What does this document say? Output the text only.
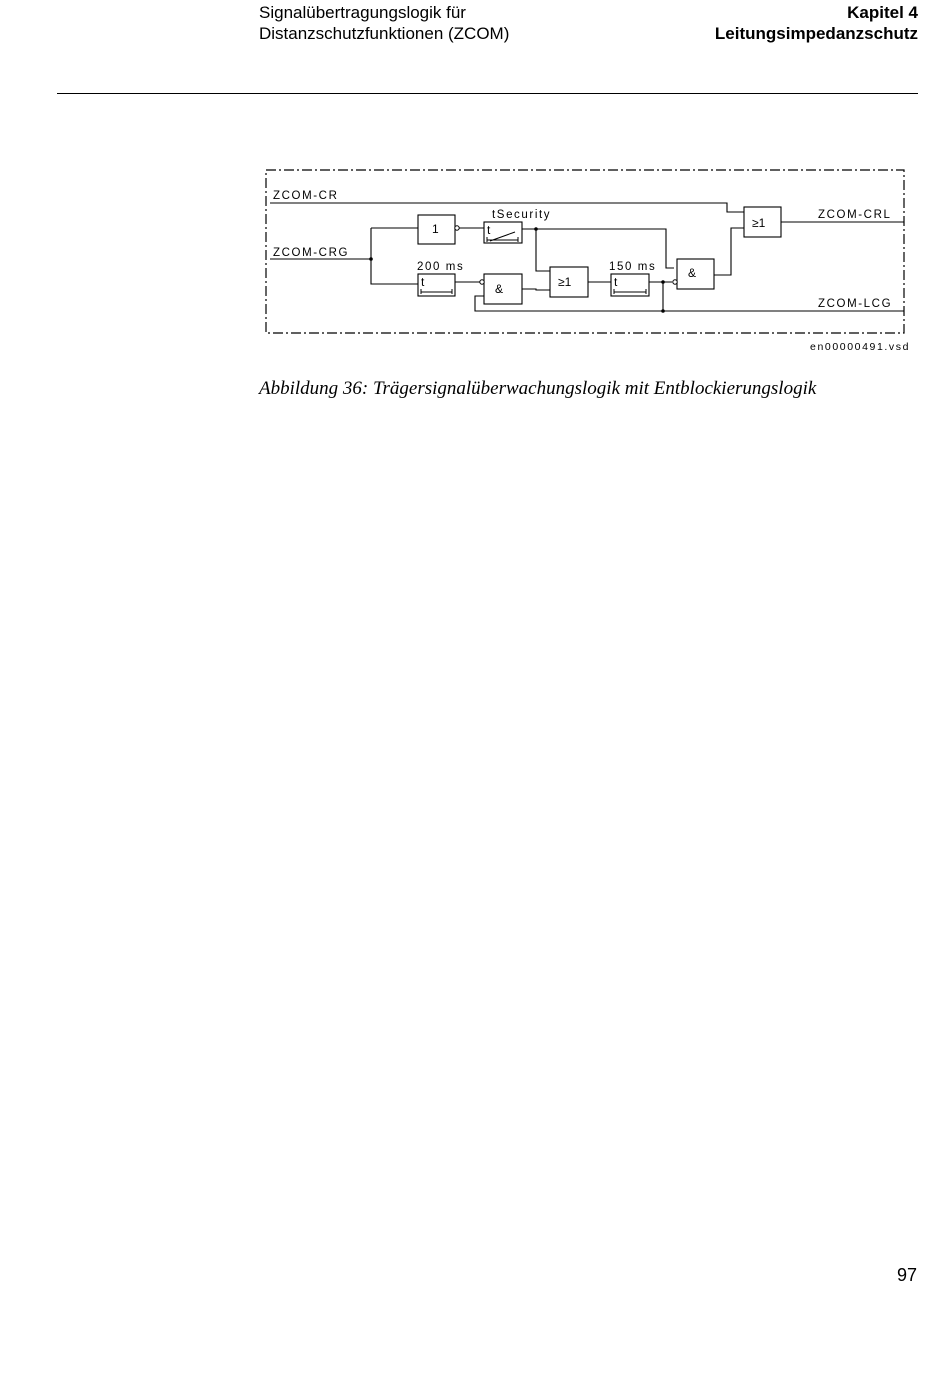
Signalübertragungslogik für
Distanzschutzfunktionen (ZCOM)
Kapitel 4
Leitungsimpedanzschutz
ZCOM-CR
ZCOM-CRG
ZCOM-CRL
ZCOM-LCG
1
tSecurity
t
200 ms
t	&	≥1
150 ms
t
&
≥1
en00000491.vsd
Abbildung 36: Trägersignalüberwachungslogik mit Entblockierungslogik
97
